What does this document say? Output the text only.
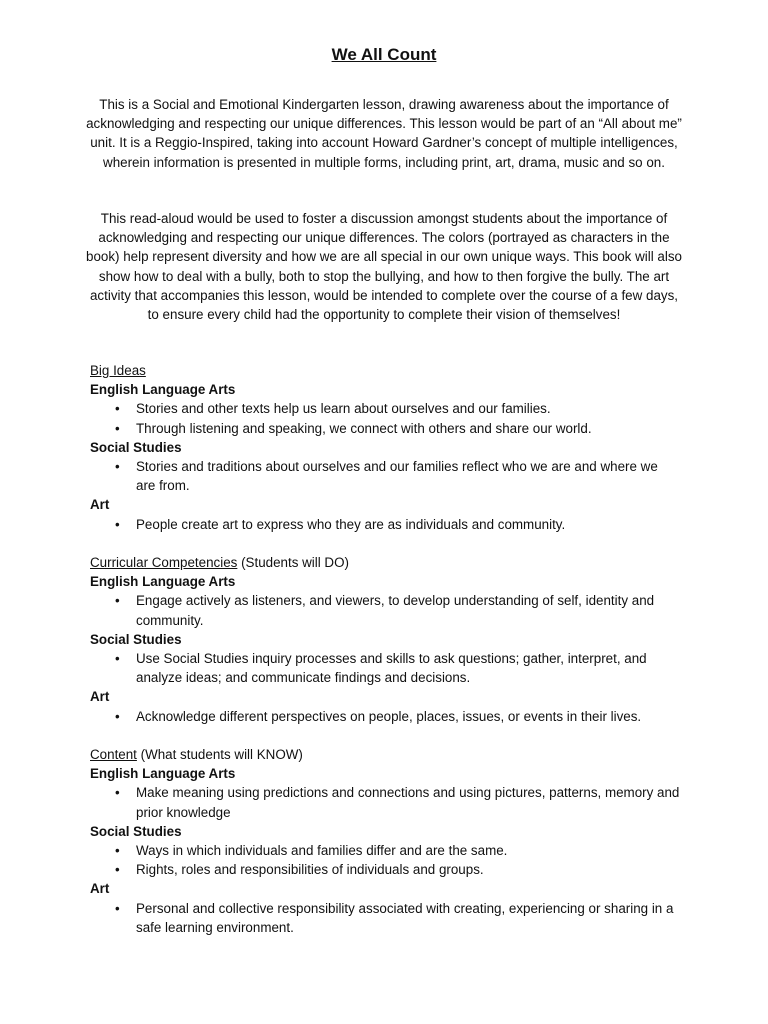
We All Count

This is a Social and Emotional Kindergarten lesson, drawing awareness about the importance of acknowledging and respecting our unique differences. This lesson would be part of an “All about me” unit. It is a Reggio-Inspired, taking into account Howard Gardner’s concept of multiple intelligences, wherein information is presented in multiple forms, including print, art, drama, music and so on.

This read-aloud would be used to foster a discussion amongst students about the importance of acknowledging and respecting our unique differences. The colors (portrayed as characters in the book) help represent diversity and how we are all special in our own unique ways. This book will also show how to deal with a bully, both to stop the bullying, and how to then forgive the bully. The art activity that accompanies this lesson, would be intended to complete over the course of a few days, to ensure every child had the opportunity to complete their vision of themselves!

Big Ideas

English Language Arts

• Stories and other texts help us learn about ourselves and our families.
• Through listening and speaking, we connect with others and share our world.

Social Studies

• Stories and traditions about ourselves and our families reflect who we are and where we are from.

Art

• People create art to express who they are as individuals and community.

Curricular Competencies (Students will DO)

English Language Arts

• Engage actively as listeners, and viewers, to develop understanding of self, identity and community.

Social Studies

• Use Social Studies inquiry processes and skills to ask questions; gather, interpret, and analyze ideas; and communicate findings and decisions.

Art

• Acknowledge different perspectives on people, places, issues, or events in their lives.

Content (What students will KNOW)

English Language Arts

• Make meaning using predictions and connections and using pictures, patterns, memory and prior knowledge

Social Studies

• Ways in which individuals and families differ and are the same.
• Rights, roles and responsibilities of individuals and groups.

Art

• Personal and collective responsibility associated with creating, experiencing or sharing in a safe learning environment.
